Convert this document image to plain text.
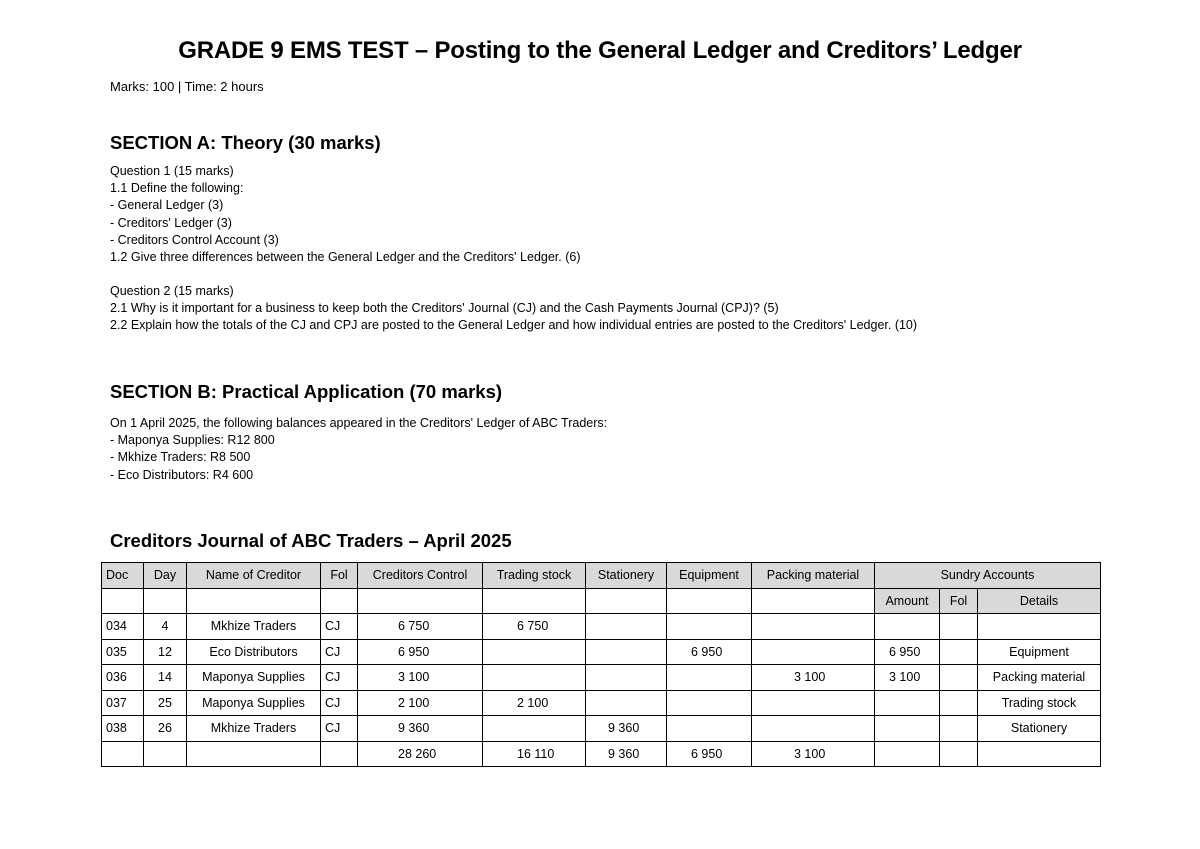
GRADE 9 EMS TEST – Posting to the General Ledger and Creditors’ Ledger
Marks: 100 | Time: 2 hours
SECTION A: Theory (30 marks)
Question 1 (15 marks)
1.1 Define the following:
- General Ledger (3)
- Creditors' Ledger (3)
- Creditors Control Account (3)
1.2 Give three differences between the General Ledger and the Creditors' Ledger. (6)
Question 2 (15 marks)
2.1 Why is it important for a business to keep both the Creditors' Journal (CJ) and the Cash Payments Journal (CPJ)? (5)
2.2 Explain how the totals of the CJ and CPJ are posted to the General Ledger and how individual entries are posted to the Creditors' Ledger. (10)
SECTION B: Practical Application (70 marks)
On 1 April 2025, the following balances appeared in the Creditors' Ledger of ABC Traders:
- Maponya Supplies: R12 800
- Mkhize Traders: R8 500
- Eco Distributors: R4 600
Creditors Journal of ABC Traders – April 2025
Doc	Day	Name of Creditor	Fol	Creditors Control	Trading stock	Stationery	Equipment	Packing material	Sundry Accounts		
									Amount	Fol	Details
034	4	Mkhize Traders	CJ	6 750	6 750						
035	12	Eco Distributors	CJ	6 950			6 950		6 950		Equipment
036	14	Maponya Supplies	CJ	3 100				3 100	3 100		Packing material
037	25	Maponya Supplies	CJ	2 100	2 100						Trading stock
038	26	Mkhize Traders	CJ	9 360		9 360					Stationery
				28 260	16 110	9 360	6 950	3 100			
